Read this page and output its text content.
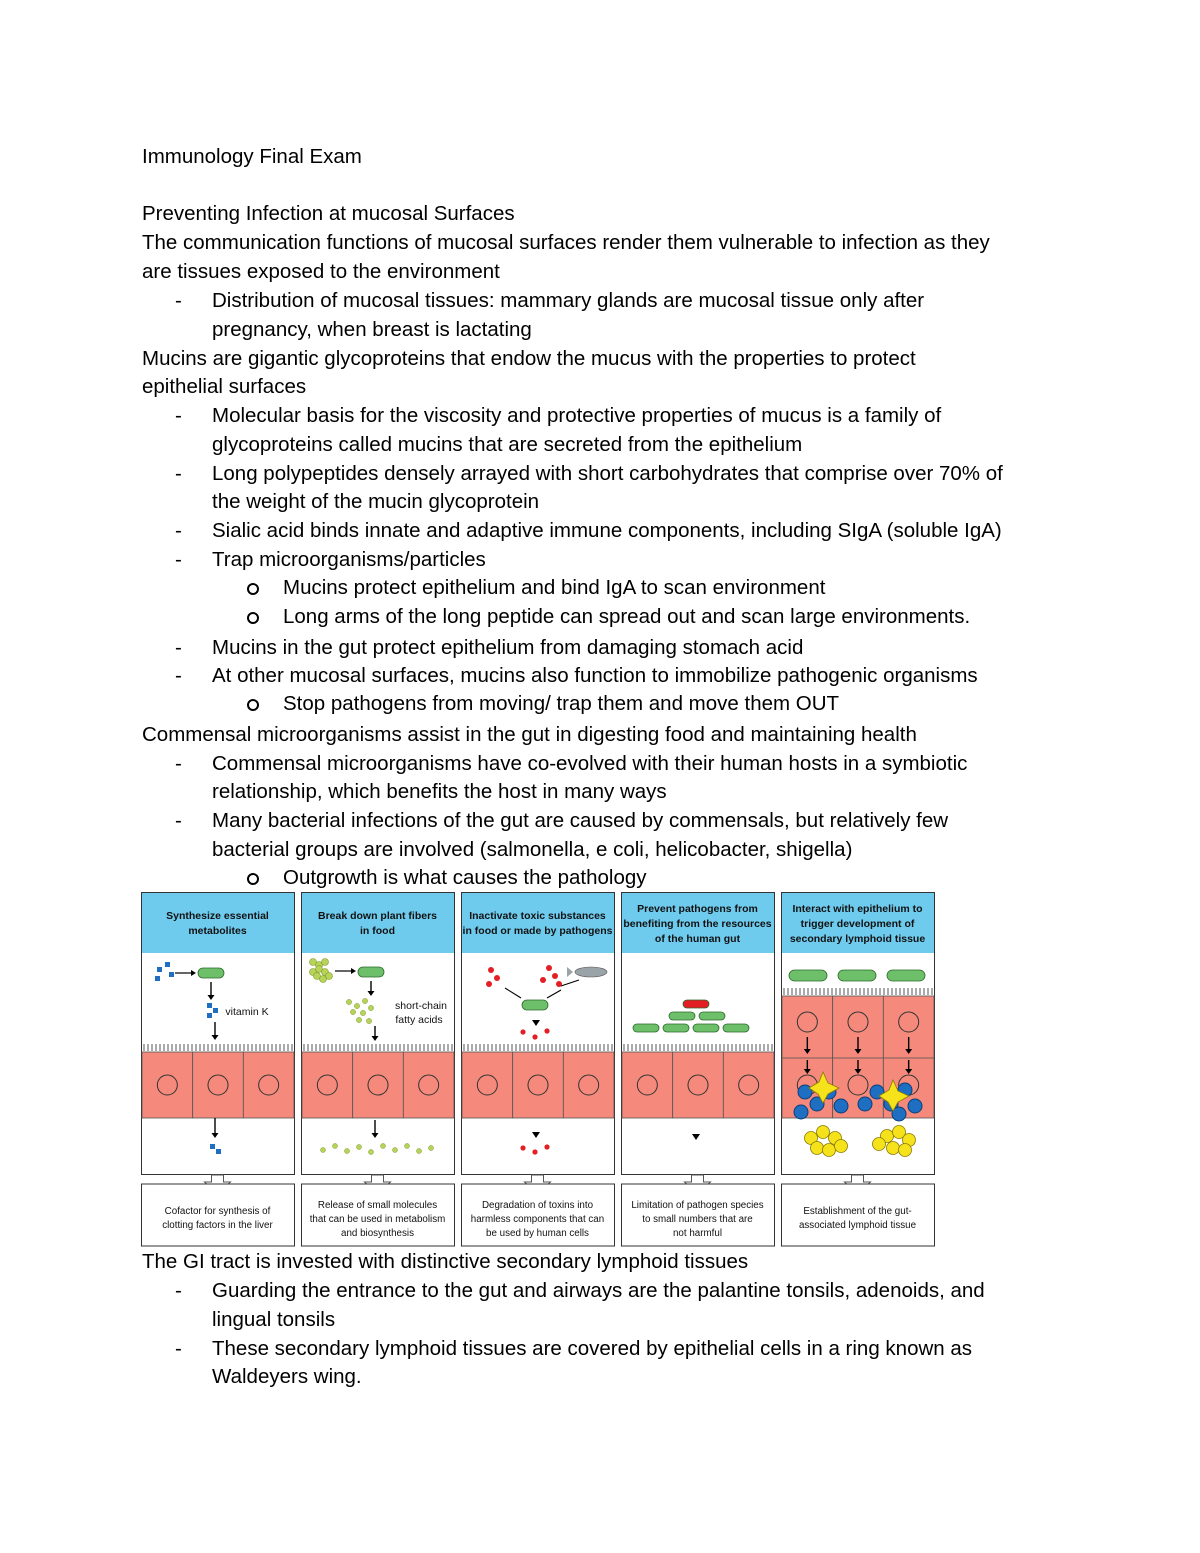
Immunology Final Exam
Preventing Infection at mucosal Surfaces
The communication functions of mucosal surfaces render them vulnerable to infection as they
are tissues exposed to the environment
- Distribution of mucosal tissues: mammary glands are mucosal tissue only after
pregnancy, when breast is lactating
Mucins are gigantic glycoproteins that endow the mucus with the properties to protect
epithelial surfaces
- Molecular basis for the viscosity and protective properties of mucus is a family of
glycoproteins called mucins that are secreted from the epithelium
- Long polypeptides densely arrayed with short carbohydrates that comprise over 70% of
the weight of the mucin glycoprotein
- Sialic acid binds innate and adaptive immune components, including SIgA (soluble IgA)
- Trap microorganisms/particles
Mucins protect epithelium and bind IgA to scan environment
Long arms of the long peptide can spread out and scan large environments.
- Mucins in the gut protect epithelium from damaging stomach acid
- At other mucosal surfaces, mucins also function to immobilize pathogenic organisms
Stop pathogens from moving/ trap them and move them OUT
Commensal microorganisms assist in the gut in digesting food and maintaining health
- Commensal microorganisms have co-evolved with their human hosts in a symbiotic
relationship, which benefits the host in many ways
- Many bacterial infections of the gut are caused by commensals, but relatively few
bacterial groups are involved (salmonella, e coli, helicobacter, shigella)
Outgrowth is what causes the pathology
Synthesize essential
metabolites
Cofactor for synthesis of
clotting factors in the liver
Break down plant fibers
in food
Release of small molecules
that can be used in metabolism
and biosynthesis
Inactivate toxic substances
in food or made by pathogens
Degradation of toxins into
harmless components that can
be used by human cells
Prevent pathogens from
benefiting from the resources
of the human gut
Limitation of pathogen species
to small numbers that are
not harmful
Interact with epithelium to
trigger development of
secondary lymphoid tissue
Establishment of the gut-
associated lymphoid tissue
vitamin K	short-chain
fatty acids
The GI tract is invested with distinctive secondary lymphoid tissues
- Guarding the entrance to the gut and airways are the palantine tonsils, adenoids, and
lingual tonsils
- These secondary lymphoid tissues are covered by epithelial cells in a ring known as
Waldeyers wing.
